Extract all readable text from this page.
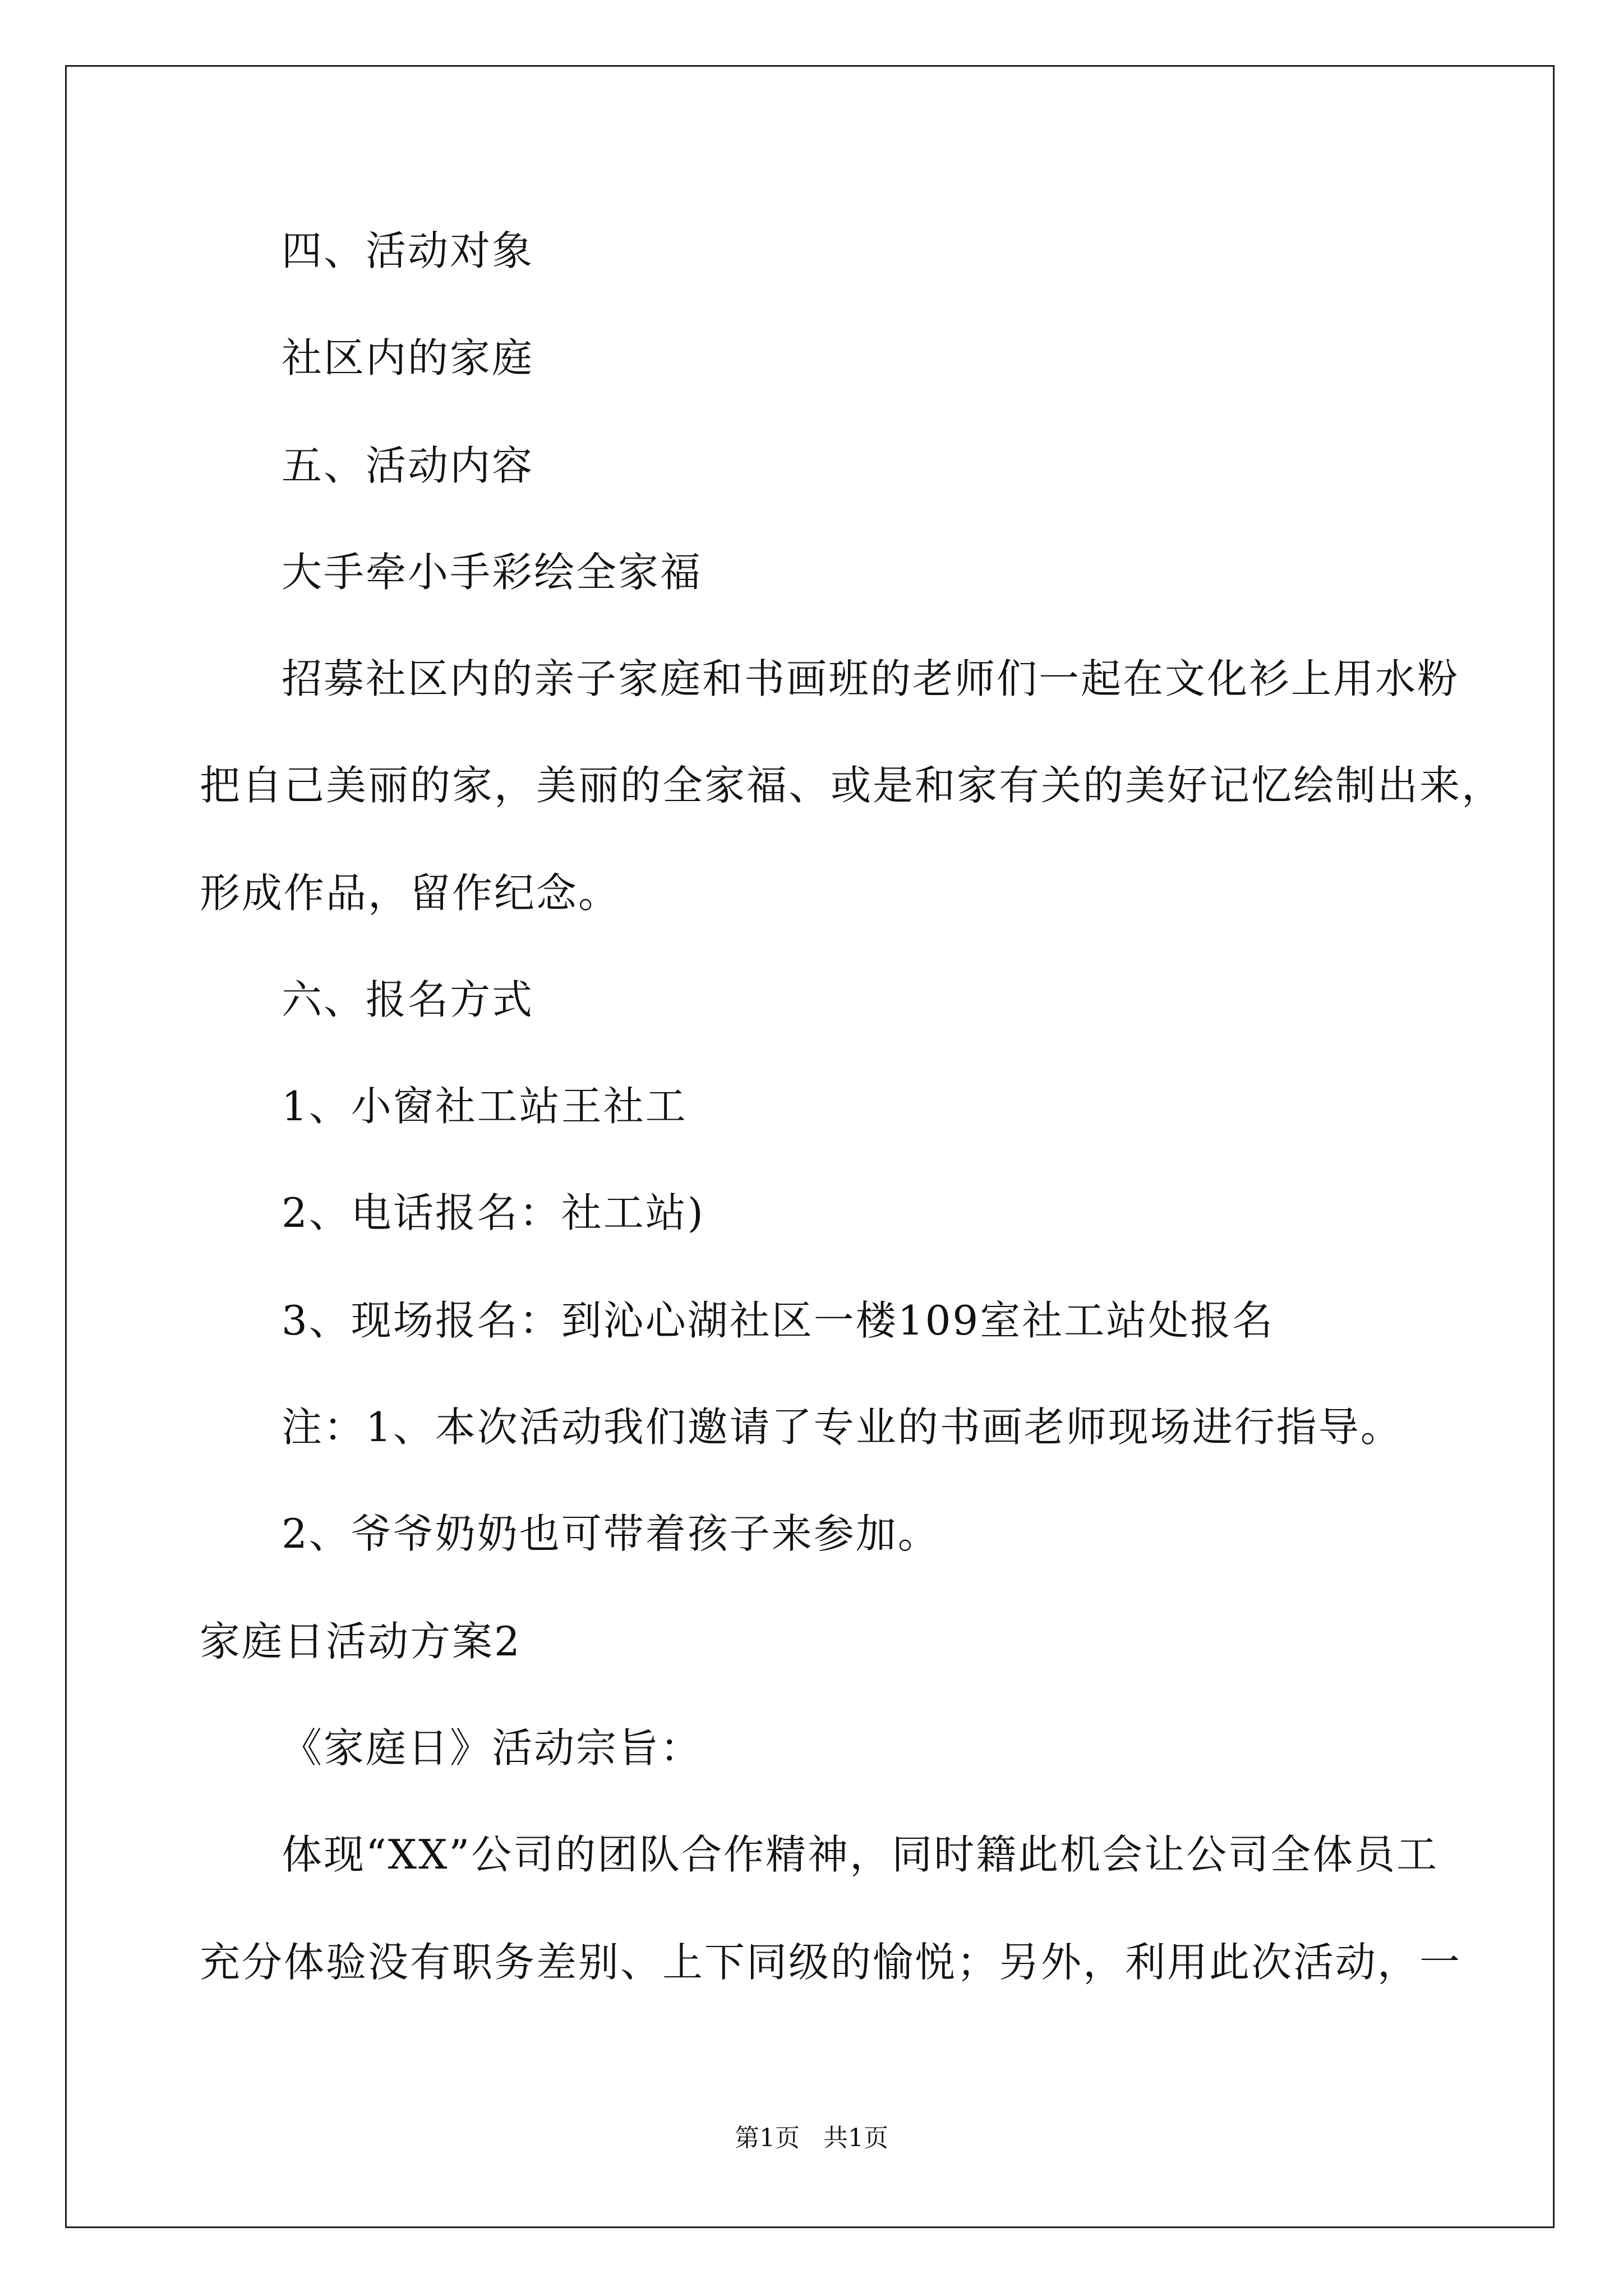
四、活动对象
社区内的家庭
五、活动内容
大手牵小手彩绘全家福
招募社区内的亲子家庭和书画班的老师们一起在文化衫上用水粉
把自己美丽的家，美丽的全家福、或是和家有关的美好记忆绘制出来，
形成作品，留作纪念。
六、报名方式
1、小窗社工站王社工
2、电话报名：社工站)
3、现场报名：到沁心湖社区一楼109室社工站处报名
注：1、本次活动我们邀请了专业的书画老师现场进行指导。
2、爷爷奶奶也可带着孩子来参加。
家庭日活动方案2
《家庭日》活动宗旨：
体现“XX”公司的团队合作精神，同时籍此机会让公司全体员工
充分体验没有职务差别、上下同级的愉悦；另外，利用此次活动，一
第1页   共1页
